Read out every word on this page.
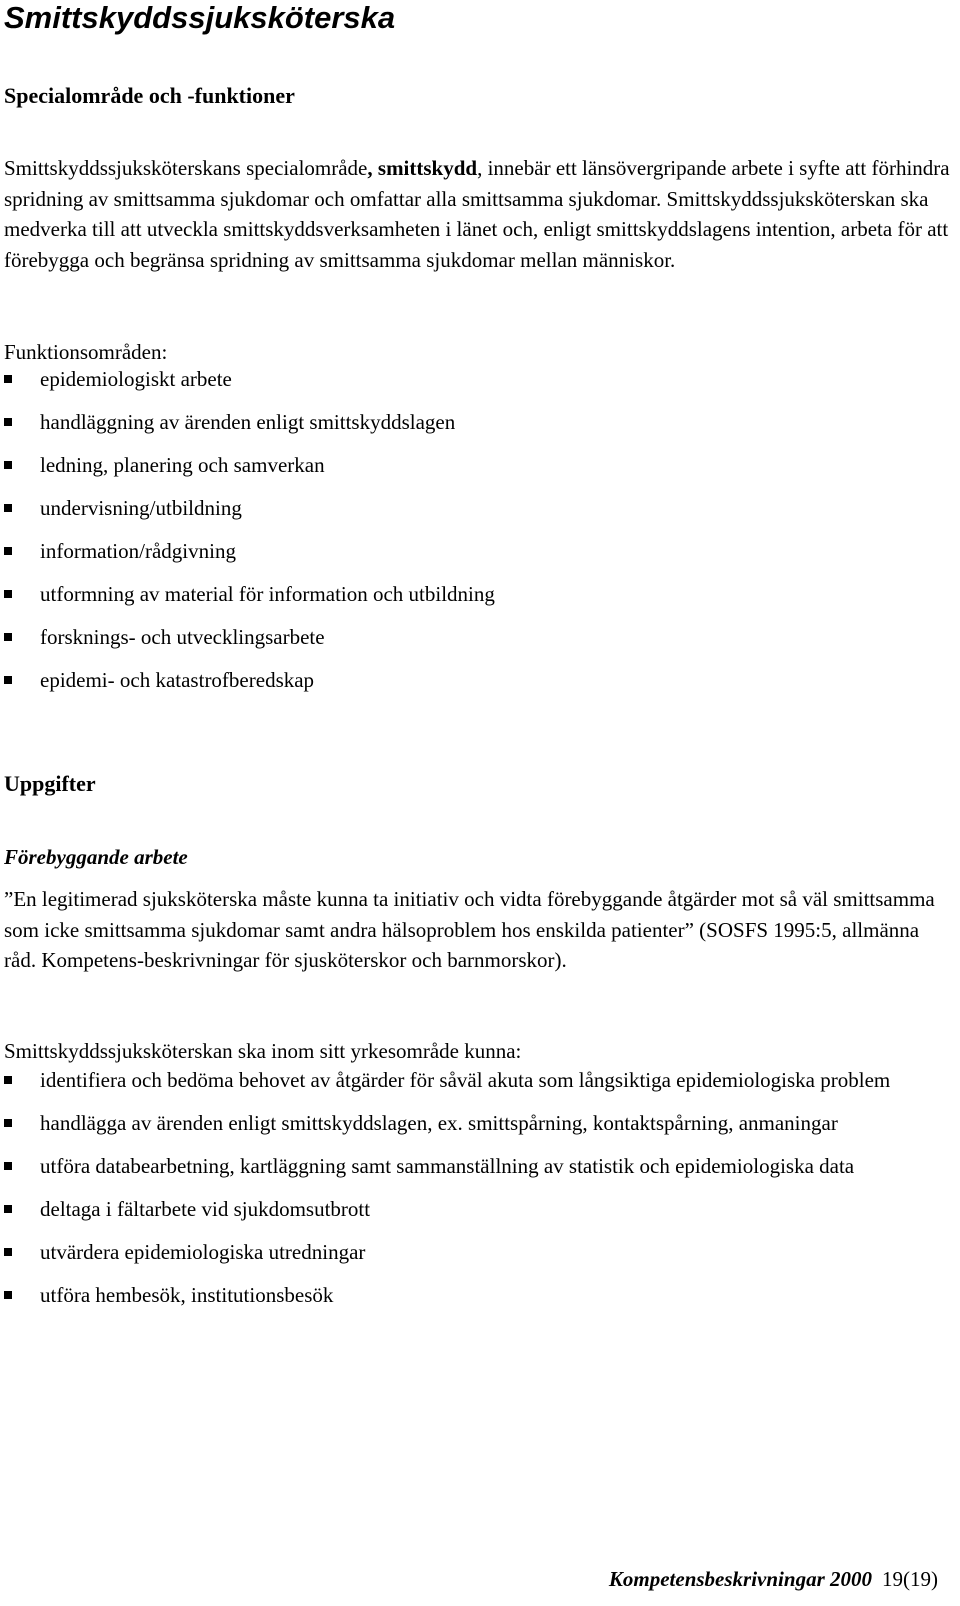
Smittskyddssjuksköterska
Specialområde och -funktioner

Smittskyddssjuksköterskans specialområde, smittskydd, innebär ett länsövergripande arbete i syfte att förhindra spridning av smittsamma sjukdomar och omfattar alla smittsamma sjukdomar. Smittskyddssjuksköterskan ska medverka till att utveckla smittskyddsverksamheten i länet och, enligt smittskyddslagens intention, arbeta för att förebygga och begränsa spridning av smittsamma sjukdomar mellan människor.

Funktionsområden:

epidemiologiskt arbete
handläggning av ärenden enligt smittskyddslagen
ledning, planering och samverkan
undervisning/utbildning
information/rådgivning
utformning av material för information och utbildning
forsknings- och utvecklingsarbete
epidemi- och katastrofberedskap
Uppgifter
Förebyggande arbete

”En legitimerad sjuksköterska måste kunna ta initiativ och vidta förebyggande åtgärder mot så väl smittsamma som icke smittsamma sjukdomar samt andra hälsoproblem hos enskilda patienter” (SOSFS 1995:5, allmänna råd. Kompetens-beskrivningar för sjusköterskor och barnmorskor).

Smittskyddssjuksköterskan ska inom sitt yrkesområde kunna:

identifiera och bedöma behovet av åtgärder för såväl akuta som långsiktiga epidemiologiska problem
handlägga av ärenden enligt smittskyddslagen, ex. smittspårning, kontaktspårning, anmaningar
utföra databearbetning, kartläggning samt sammanställning av statistik och epidemiologiska data
deltaga i fältarbete vid sjukdomsutbrott
utvärdera epidemiologiska utredningar
utföra hembesök, institutionsbesök
Kompetensbeskrivningar 2000 19(19)
